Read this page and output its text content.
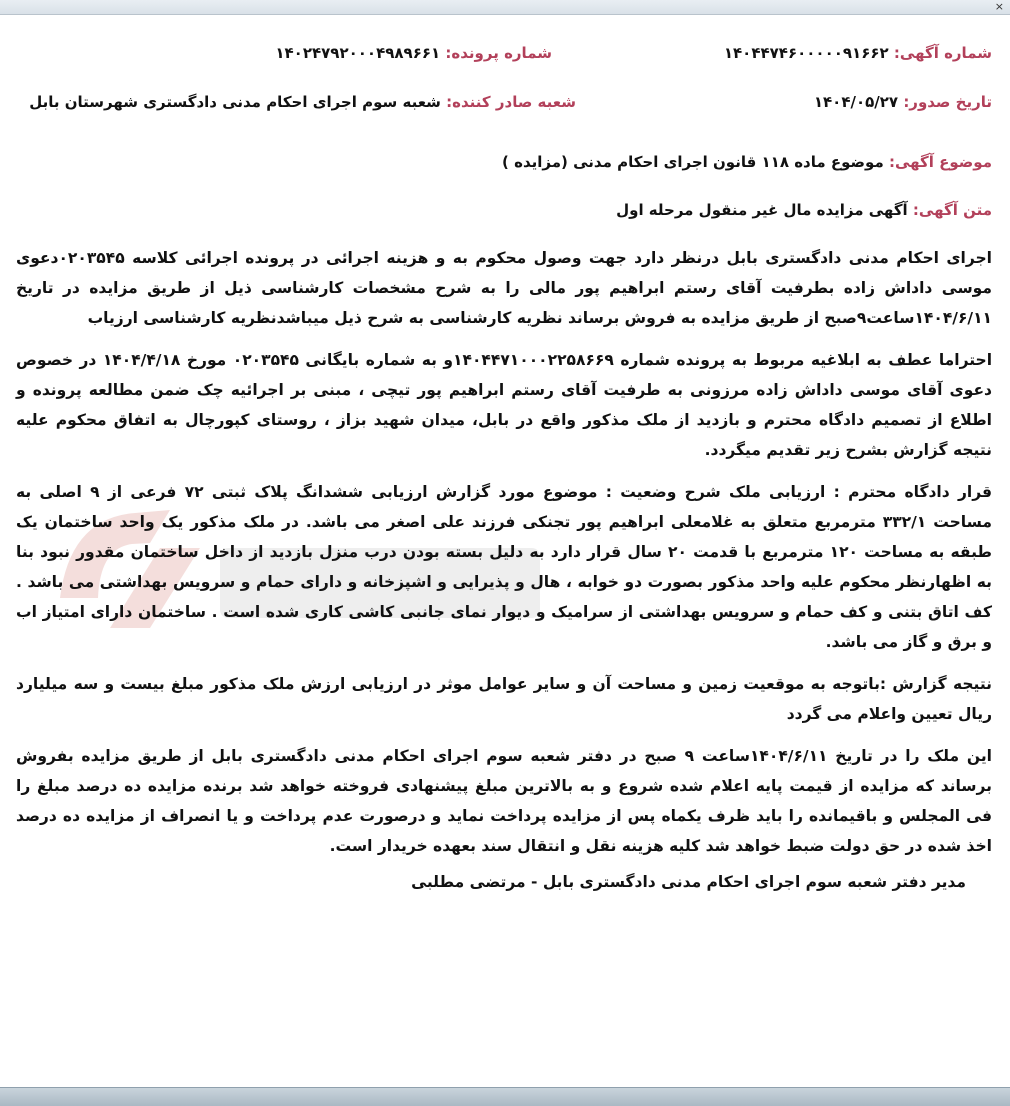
×
شماره آگهی: ۱۴۰۴۴۷۴۶۰۰۰۰۰۹۱۶۶۲
شماره پرونده: ۱۴۰۲۴۷۹۲۰۰۰۴۹۸۹۶۶۱
تاریخ صدور: ۱۴۰۴/۰۵/۲۷
شعبه صادر کننده: شعبه سوم اجرای احکام مدنی دادگستری شهرستان بابل
موضوع آگهی: موضوع ماده ۱۱۸ قانون اجرای احکام مدنی (مزایده )
متن آگهی: آگهی مزایده مال غیر منقول مرحله اول

اجرای احکام مدنی دادگستری بابل درنظر دارد جهت وصول محکوم به و هزینه اجرائی در پرونده اجرائی کلاسه ۰۲۰۳۵۴۵دعوی موسی داداش زاده بطرفیت آقای رستم ابراهیم پور مالی را به شرح مشخصات کارشناسی ذیل از طریق مزایده در تاریخ ۱۴۰۴/۶/۱۱ساعت۹صبح از طریق مزایده به فروش برساند نظریه کارشناسی به شرح ذیل میباشدنظریه کارشناسی ارزیاب

احتراما عطف به ابلاغیه مربوط به پرونده شماره ۱۴۰۴۴۷۱۰۰۰۲۲۵۸۶۶۹و به شماره بایگانی ۰۲۰۳۵۴۵ مورخ ۱۴۰۴/۴/۱۸ در خصوص دعوی آقای موسی داداش زاده مرزونی به طرفیت آقای رستم ابراهیم پور تیچی ، مبنی بر اجرائیه چک ضمن مطالعه پرونده و اطلاع از تصمیم دادگاه محترم و بازدید از ملک مذکور واقع در بابل، میدان شهید بزاز ، روستای کپورچال به اتفاق محکوم علیه نتیجه گزارش بشرح زیر تقدیم میگردد.

قرار دادگاه محترم : ارزیابی ملک شرح وضعیت : موضوع مورد گزارش ارزیابی ششدانگ پلاک ثبتی ۷۲ فرعی از ۹ اصلی به مساحت ۳۳۲/۱ مترمربع متعلق به غلامعلی ابراهیم پور تجنکی فرزند علی اصغر می باشد. در ملک مذکور یک واحد ساختمان یک طبقه به مساحت ۱۲۰ مترمربع با قدمت ۲۰ سال قرار دارد به دلیل بسته بودن درب منزل بازدید از داخل ساختمان مقدور نبود بنا به اظهارنظر محکوم علیه واحد مذکور بصورت دو خوابه ، هال و پذیرایی و اشپزخانه و دارای حمام و سرویس بهداشتی می باشد . کف اتاق بتنی و کف حمام و سرویس بهداشتی از سرامیک و دیوار نمای جانبی کاشی کاری شده است . ساختمان دارای امتیاز اب و برق و گاز می باشد.

نتیجه گزارش :باتوجه به موقعیت زمین و مساحت آن و سایر عوامل موثر در ارزیابی ارزش ملک مذکور مبلغ بیست و سه میلیارد ریال تعیین واعلام می گردد

این ملک را در تاریخ ۱۴۰۴/۶/۱۱ساعت ۹ صبح در دفتر شعبه سوم اجرای احکام مدنی دادگستری بابل از طریق مزایده بفروش برساند که مزایده از قیمت پایه اعلام شده شروع و به بالاترین مبلغ پیشنهادی فروخته خواهد شد برنده مزایده ده درصد مبلغ را فی المجلس و باقیمانده را باید ظرف یکماه پس از مزایده پرداخت نماید و درصورت عدم پرداخت و یا انصراف از مزایده ده درصد اخذ شده در حق دولت ضبط خواهد شد کلیه هزینه نقل و انتقال سند بعهده خریدار است.

مدیر دفتر شعبه سوم اجرای احکام مدنی دادگستری بابل - مرتضی مطلبی
